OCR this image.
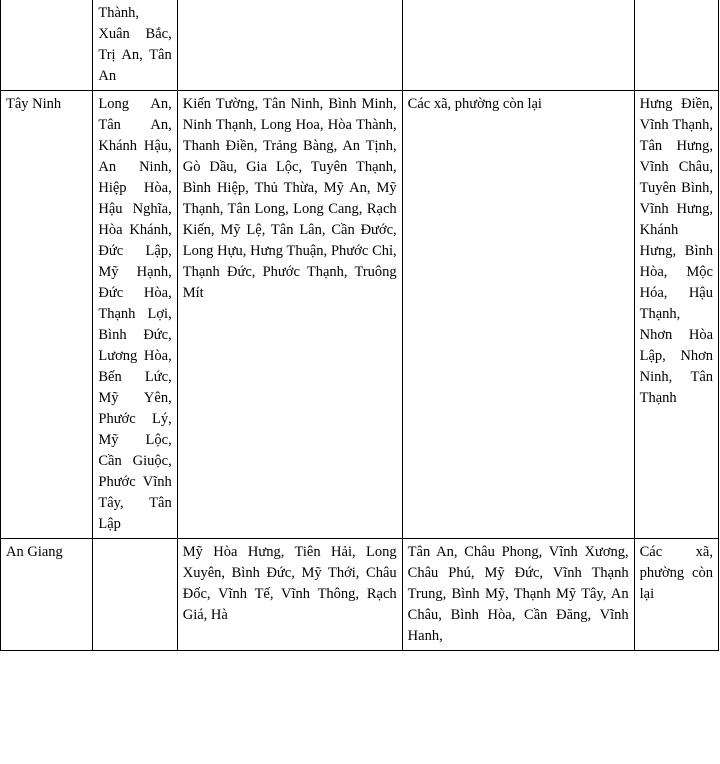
	Thành, Xuân Bắc, Trị An, Tân An			
Tây Ninh	Long An, Tân An, Khánh Hậu, An Ninh, Hiệp Hòa, Hậu Nghĩa, Hòa Khánh, Đức Lập, Mỹ Hạnh, Đức Hòa, Thạnh Lợi, Bình Đức, Lương Hòa, Bến Lức, Mỹ Yên, Phước Lý, Mỹ Lộc, Cần Giuộc, Phước Vĩnh Tây, Tân Lập	Kiến Tường, Tân Ninh, Bình Minh, Ninh Thạnh, Long Hoa, Hòa Thành, Thanh Điền, Trảng Bàng, An Tịnh, Gò Dầu, Gia Lộc, Tuyên Thạnh, Bình Hiệp, Thủ Thừa, Mỹ An, Mỹ Thạnh, Tân Long, Long Cang, Rạch Kiến, Mỹ Lệ, Tân Lân, Cần Đước, Long Hựu, Hưng Thuận, Phước Chỉ, Thạnh Đức, Phước Thạnh, Truông Mít	Các xã, phường còn lại	Hưng Điền, Vĩnh Thạnh, Tân Hưng, Vĩnh Châu, Tuyên Bình, Vĩnh Hưng, Khánh Hưng, Bình Hòa, Mộc Hóa, Hậu Thạnh, Nhơn Hòa Lập, Nhơn Ninh, Tân Thạnh
An Giang		Mỹ Hòa Hưng, Tiên Hải, Long Xuyên, Bình Đức, Mỹ Thới, Châu Đốc, Vĩnh Tế, Vĩnh Thông, Rạch Giá, Hà	Tân An, Châu Phong, Vĩnh Xương, Châu Phú, Mỹ Đức, Vĩnh Thạnh Trung, Bình Mỹ, Thạnh Mỹ Tây, An Châu, Bình Hòa, Cần Đăng, Vĩnh Hanh,	Các xã, phường còn lại
